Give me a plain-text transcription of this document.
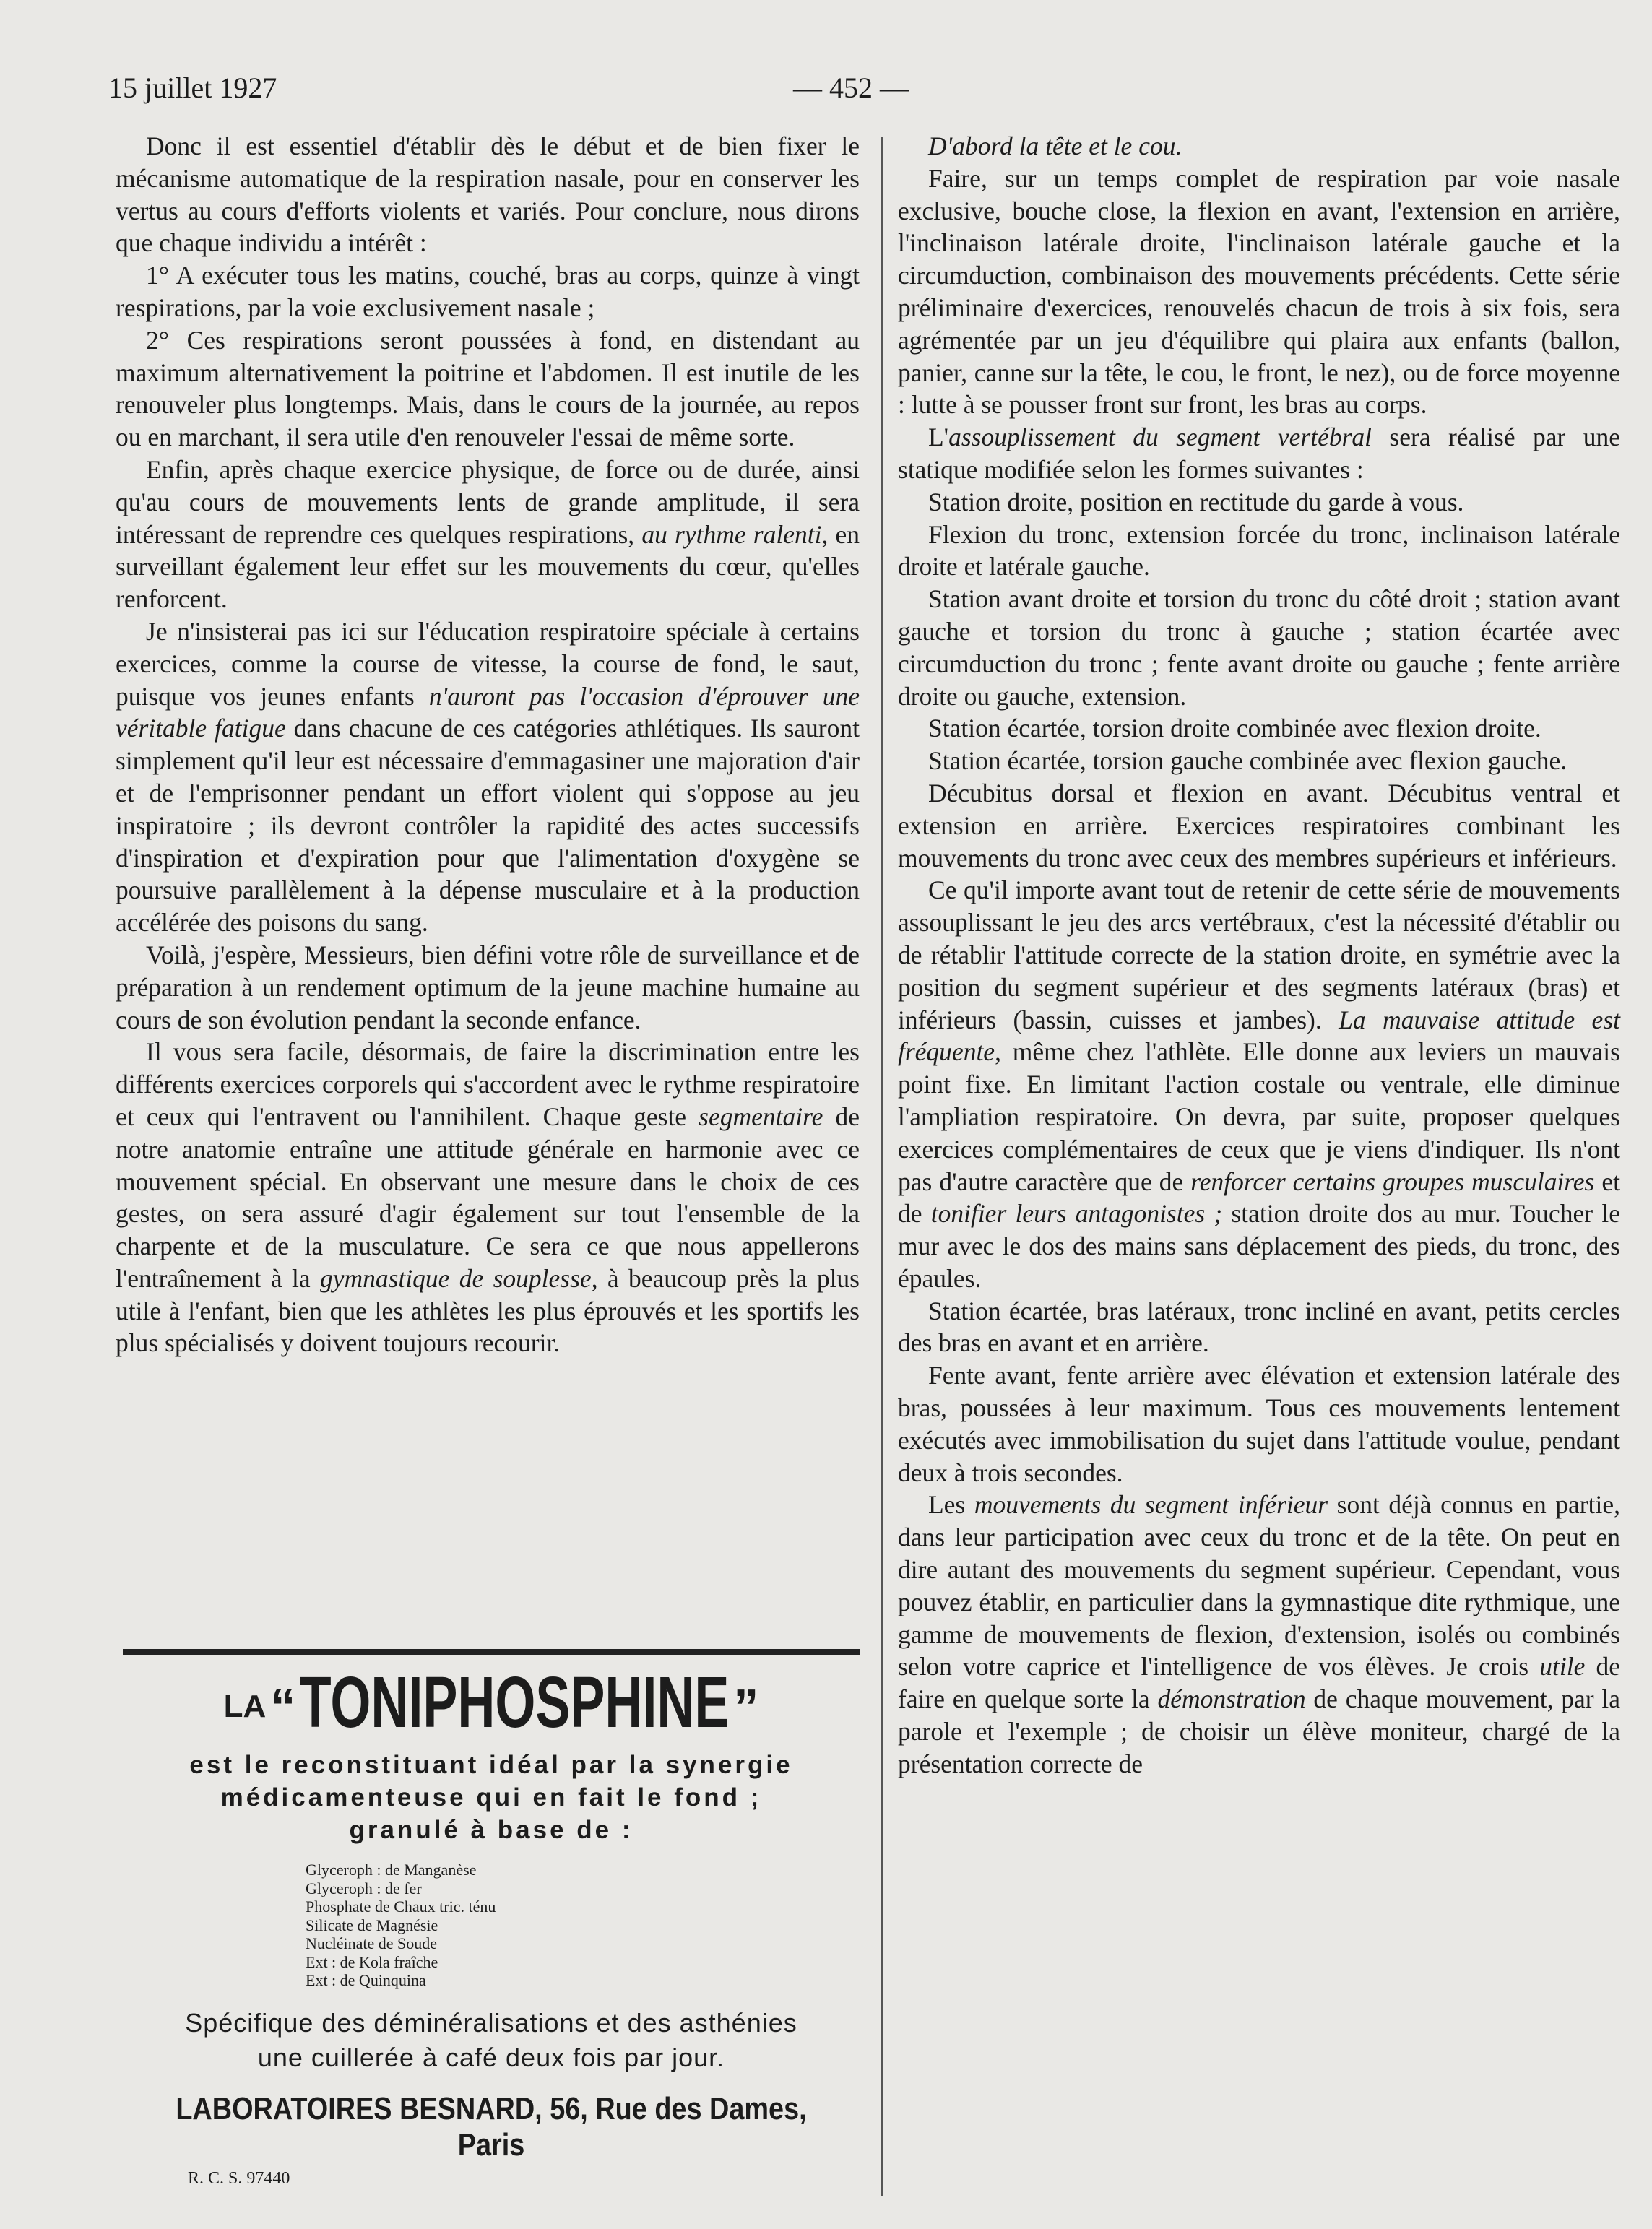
15 juillet 1927	— 452 —

Donc il est essentiel d'établir dès le début et de bien fixer le mécanisme automatique de la respiration nasale, pour en conserver les vertus au cours d'efforts violents et variés. Pour conclure, nous dirons que chaque individu a intérêt :

1° A exécuter tous les matins, couché, bras au corps, quinze à vingt respirations, par la voie exclusivement nasale ;

2° Ces respirations seront poussées à fond, en distendant au maximum alternativement la poitrine et l'abdomen. Il est inutile de les renouveler plus longtemps. Mais, dans le cours de la journée, au repos ou en marchant, il sera utile d'en renouveler l'essai de même sorte.

Enfin, après chaque exercice physique, de force ou de durée, ainsi qu'au cours de mouvements lents de grande amplitude, il sera intéressant de reprendre ces quelques respirations, au rythme ralenti, en surveillant également leur effet sur les mouvements du cœur, qu'elles renforcent.

Je n'insisterai pas ici sur l'éducation respiratoire spéciale à certains exercices, comme la course de vitesse, la course de fond, le saut, puisque vos jeunes enfants n'auront pas l'occasion d'éprouver une véritable fatigue dans chacune de ces catégories athlétiques. Ils sauront simplement qu'il leur est nécessaire d'emmagasiner une majoration d'air et de l'emprisonner pendant un effort violent qui s'oppose au jeu inspiratoire ; ils devront contrôler la rapidité des actes successifs d'inspiration et d'expiration pour que l'alimentation d'oxygène se poursuive parallèlement à la dépense musculaire et à la production accélérée des poisons du sang.

Voilà, j'espère, Messieurs, bien défini votre rôle de surveillance et de préparation à un rendement optimum de la jeune machine humaine au cours de son évolution pendant la seconde enfance.

Il vous sera facile, désormais, de faire la discrimination entre les différents exercices corporels qui s'accordent avec le rythme respiratoire et ceux qui l'entravent ou l'annihilent. Chaque geste segmentaire de notre anatomie entraîne une attitude générale en harmonie avec ce mouvement spécial. En observant une mesure dans le choix de ces gestes, on sera assuré d'agir également sur tout l'ensemble de la charpente et de la musculature. Ce sera ce que nous appellerons l'entraînement à la gymnastique de souplesse, à beaucoup près la plus utile à l'enfant, bien que les athlètes les plus éprouvés et les sportifs les plus spécialisés y doivent toujours recourir.

D'abord la tête et le cou.

Faire, sur un temps complet de respiration par voie nasale exclusive, bouche close, la flexion en avant, l'extension en arrière, l'inclinaison latérale droite, l'inclinaison latérale gauche et la circumduction, combinaison des mouvements précédents. Cette série préliminaire d'exercices, renouvelés chacun de trois à six fois, sera agrémentée par un jeu d'équilibre qui plaira aux enfants (ballon, panier, canne sur la tête, le cou, le front, le nez), ou de force moyenne : lutte à se pousser front sur front, les bras au corps.

L'assouplissement du segment vertébral sera réalisé par une statique modifiée selon les formes suivantes :

Station droite, position en rectitude du garde à vous.

Flexion du tronc, extension forcée du tronc, inclinaison latérale droite et latérale gauche.

Station avant droite et torsion du tronc du côté droit ; station avant gauche et torsion du tronc à gauche ; station écartée avec circumduction du tronc ; fente avant droite ou gauche ; fente arrière droite ou gauche, extension.

Station écartée, torsion droite combinée avec flexion droite.

Station écartée, torsion gauche combinée avec flexion gauche.

Décubitus dorsal et flexion en avant. Décubitus ventral et extension en arrière. Exercices respiratoires combinant les mouvements du tronc avec ceux des membres supérieurs et inférieurs.

Ce qu'il importe avant tout de retenir de cette série de mouvements assouplissant le jeu des arcs vertébraux, c'est la nécessité d'établir ou de rétablir l'attitude correcte de la station droite, en symétrie avec la position du segment supérieur et des segments latéraux (bras) et inférieurs (bassin, cuisses et jambes). La mauvaise attitude est fréquente, même chez l'athlète. Elle donne aux leviers un mauvais point fixe. En limitant l'action costale ou ventrale, elle diminue l'ampliation respiratoire. On devra, par suite, proposer quelques exercices complémentaires de ceux que je viens d'indiquer. Ils n'ont pas d'autre caractère que de renforcer certains groupes musculaires et de tonifier leurs antagonistes ; station droite dos au mur. Toucher le mur avec le dos des mains sans déplacement des pieds, du tronc, des épaules.

Station écartée, bras latéraux, tronc incliné en avant, petits cercles des bras en avant et en arrière.

Fente avant, fente arrière avec élévation et extension latérale des bras, poussées à leur maximum. Tous ces mouvements lentement exécutés avec immobilisation du sujet dans l'attitude voulue, pendant deux à trois secondes.

Les mouvements du segment inférieur sont déjà connus en partie, dans leur participation avec ceux du tronc et de la tête. On peut en dire autant des mouvements du segment supérieur. Cependant, vous pouvez établir, en particulier dans la gymnastique dite rythmique, une gamme de mouvements de flexion, d'extension, isolés ou combinés selon votre caprice et l'intelligence de vos élèves. Je crois utile de faire en quelque sorte la démonstration de chaque mouvement, par la parole et l'exemple ; de choisir un élève moniteur, chargé de la présentation correcte de

LA“TONIPHOSPHINE”
est le reconstituant idéal par la synergie
médicamenteuse qui en fait le fond ;
granulé à base de :
Glyceroph : de Manganèse
Glyceroph : de fer
Phosphate de Chaux tric. ténu
Silicate de Magnésie
Nucléinate de Soude
Ext : de Kola fraîche
Ext : de Quinquina
Spécifique des déminéralisations et des asthénies
une cuillerée à café deux fois par jour.
LABORATOIRES BESNARD, 56, Rue des Dames, Paris
R. C. S. 97440
